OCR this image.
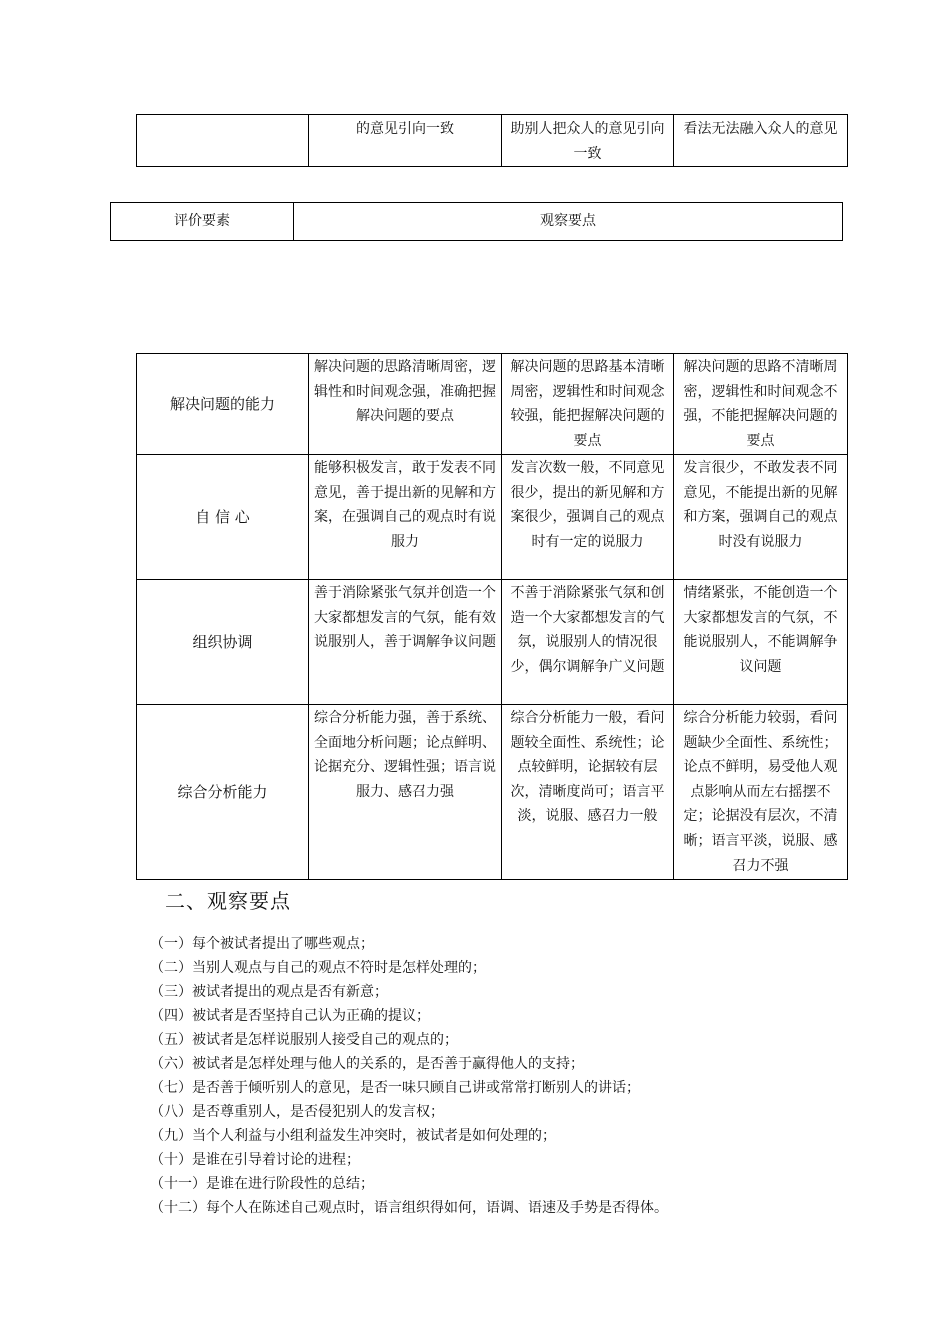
	的意见引向一致	助别人把众人的意见引向一致	看法无法融入众人的意见
评价要素	观察要点
解决问题的能力	解决问题的思路清晰周密，逻辑性和时间观念强，准确把握解决问题的要点	解决问题的思路基本清晰周密，逻辑性和时间观念较强，能把握解决问题的要点	解决问题的思路不清晰周密，逻辑性和时间观念不强，不能把握解决问题的要点
自 信 心	能够积极发言，敢于发表不同意见，善于提出新的见解和方案，在强调自己的观点时有说服力	发言次数一般，不同意见很少，提出的新见解和方案很少，强调自己的观点时有一定的说服力	发言很少，不敢发表不同意见，不能提出新的见解和方案，强调自己的观点时没有说服力
组织协调	善于消除紧张气氛并创造一个大家都想发言的气氛，能有效说服别人，善于调解争议问题	不善于消除紧张气氛和创造一个大家都想发言的气氛，说服别人的情况很少，偶尔调解争广义问题	情绪紧张，不能创造一个大家都想发言的气氛，不能说服别人，不能调解争议问题
综合分析能力	综合分析能力强，善于系统、全面地分析问题；论点鲜明、论据充分、逻辑性强；语言说服力、感召力强	综合分析能力一般，看问题较全面性、系统性；论点较鲜明，论据较有层次，清晰度尚可；语言平淡，说服、感召力一般	综合分析能力较弱，看问题缺少全面性、系统性；论点不鲜明，易受他人观点影响从而左右摇摆不定；论据没有层次，不清晰；语言平淡，说服、感召力不强
二、观察要点
（一）每个被试者提出了哪些观点；
（二）当别人观点与自己的观点不符时是怎样处理的；
（三）被试者提出的观点是否有新意；
（四）被试者是否坚持自己认为正确的提议；
（五）被试者是怎样说服别人接受自己的观点的；
（六）被试者是怎样处理与他人的关系的，是否善于赢得他人的支持；
（七）是否善于倾听别人的意见，是否一味只顾自己讲或常常打断别人的讲话；
（八）是否尊重别人，是否侵犯别人的发言权；
（九）当个人利益与小组利益发生冲突时，被试者是如何处理的；
（十）是谁在引导着讨论的进程；
（十一）是谁在进行阶段性的总结；
（十二）每个人在陈述自己观点时，语言组织得如何，语调、语速及手势是否得体。
